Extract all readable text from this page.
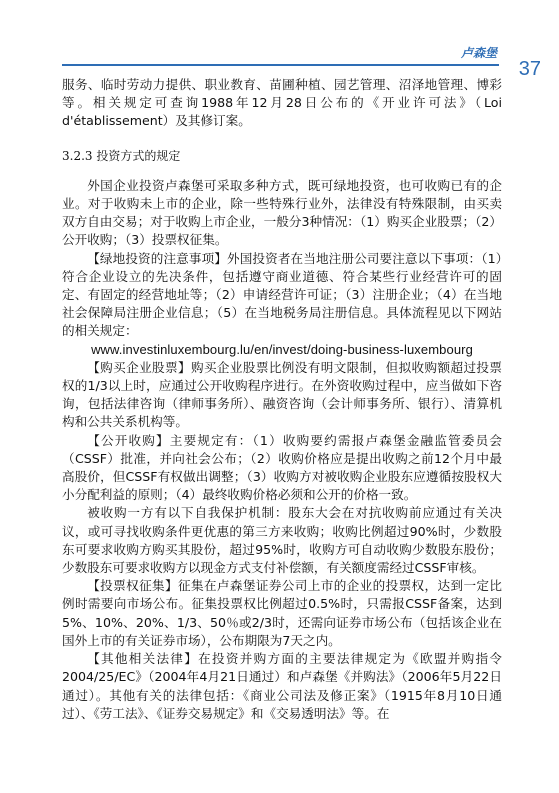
卢森堡
37

服务、临时劳动力提供、职业教育、苗圃种植、园艺管理、沼泽地管理、博彩等。相关规定可查询1988年12月28日公布的《开业许可法》（Loi d'établissement）及其修订案。

3.2.3 投资方式的规定

外国企业投资卢森堡可采取多种方式，既可绿地投资，也可收购已有的企业。对于收购未上市的企业，除一些特殊行业外，法律没有特殊限制，由买卖双方自由交易；对于收购上市企业，一般分3种情况：（1）购买企业股票；（2）公开收购；（3）投票权征集。

【绿地投资的注意事项】外国投资者在当地注册公司要注意以下事项：（1）符合企业设立的先决条件，包括遵守商业道德、符合某些行业经营许可的固定、有固定的经营地址等；（2）申请经营许可证；（3）注册企业；（4）在当地社会保障局注册企业信息；（5）在当地税务局注册信息。具体流程见以下网站的相关规定：

www.investinluxembourg.lu/en/invest/doing-business-luxembourg

【购买企业股票】购买企业股票比例没有明文限制，但拟收购额超过投票权的1/3以上时，应通过公开收购程序进行。在外资收购过程中，应当做如下咨询，包括法律咨询（律师事务所）、融资咨询（会计师事务所、银行）、清算机构和公共关系机构等。

【公开收购】主要规定有：（1）收购要约需报卢森堡金融监管委员会（CSSF）批准，并向社会公布；（2）收购价格应是提出收购之前12个月中最高股价，但CSSF有权做出调整；（3）收购方对被收购企业股东应遵循按股权大小分配利益的原则；（4）最终收购价格必须和公开的价格一致。

被收购一方有以下自我保护机制：股东大会在对抗收购前应通过有关决议，或可寻找收购条件更优惠的第三方来收购；收购比例超过90%时，少数股东可要求收购方购买其股份，超过95%时，收购方可自动收购少数股东股份；少数股东可要求收购方以现金方式支付补偿额，有关额度需经过CSSF审核。

【投票权征集】征集在卢森堡证券公司上市的企业的投票权，达到一定比例时需要向市场公布。征集投票权比例超过0.5%时，只需报CSSF备案，达到5%、10%、20%、1/3、50％或2/3时，还需向证券市场公布（包括该企业在国外上市的有关证券市场），公布期限为7天之内。

【其他相关法律】在投资并购方面的主要法律规定为《欧盟并购指令2004/25/EC》（2004年4月21日通过）和卢森堡《并购法》（2006年5月22日通过）。其他有关的法律包括：《商业公司法及修正案》（1915年8月10日通过）、《劳工法》、《证券交易规定》和《交易透明法》等。在
